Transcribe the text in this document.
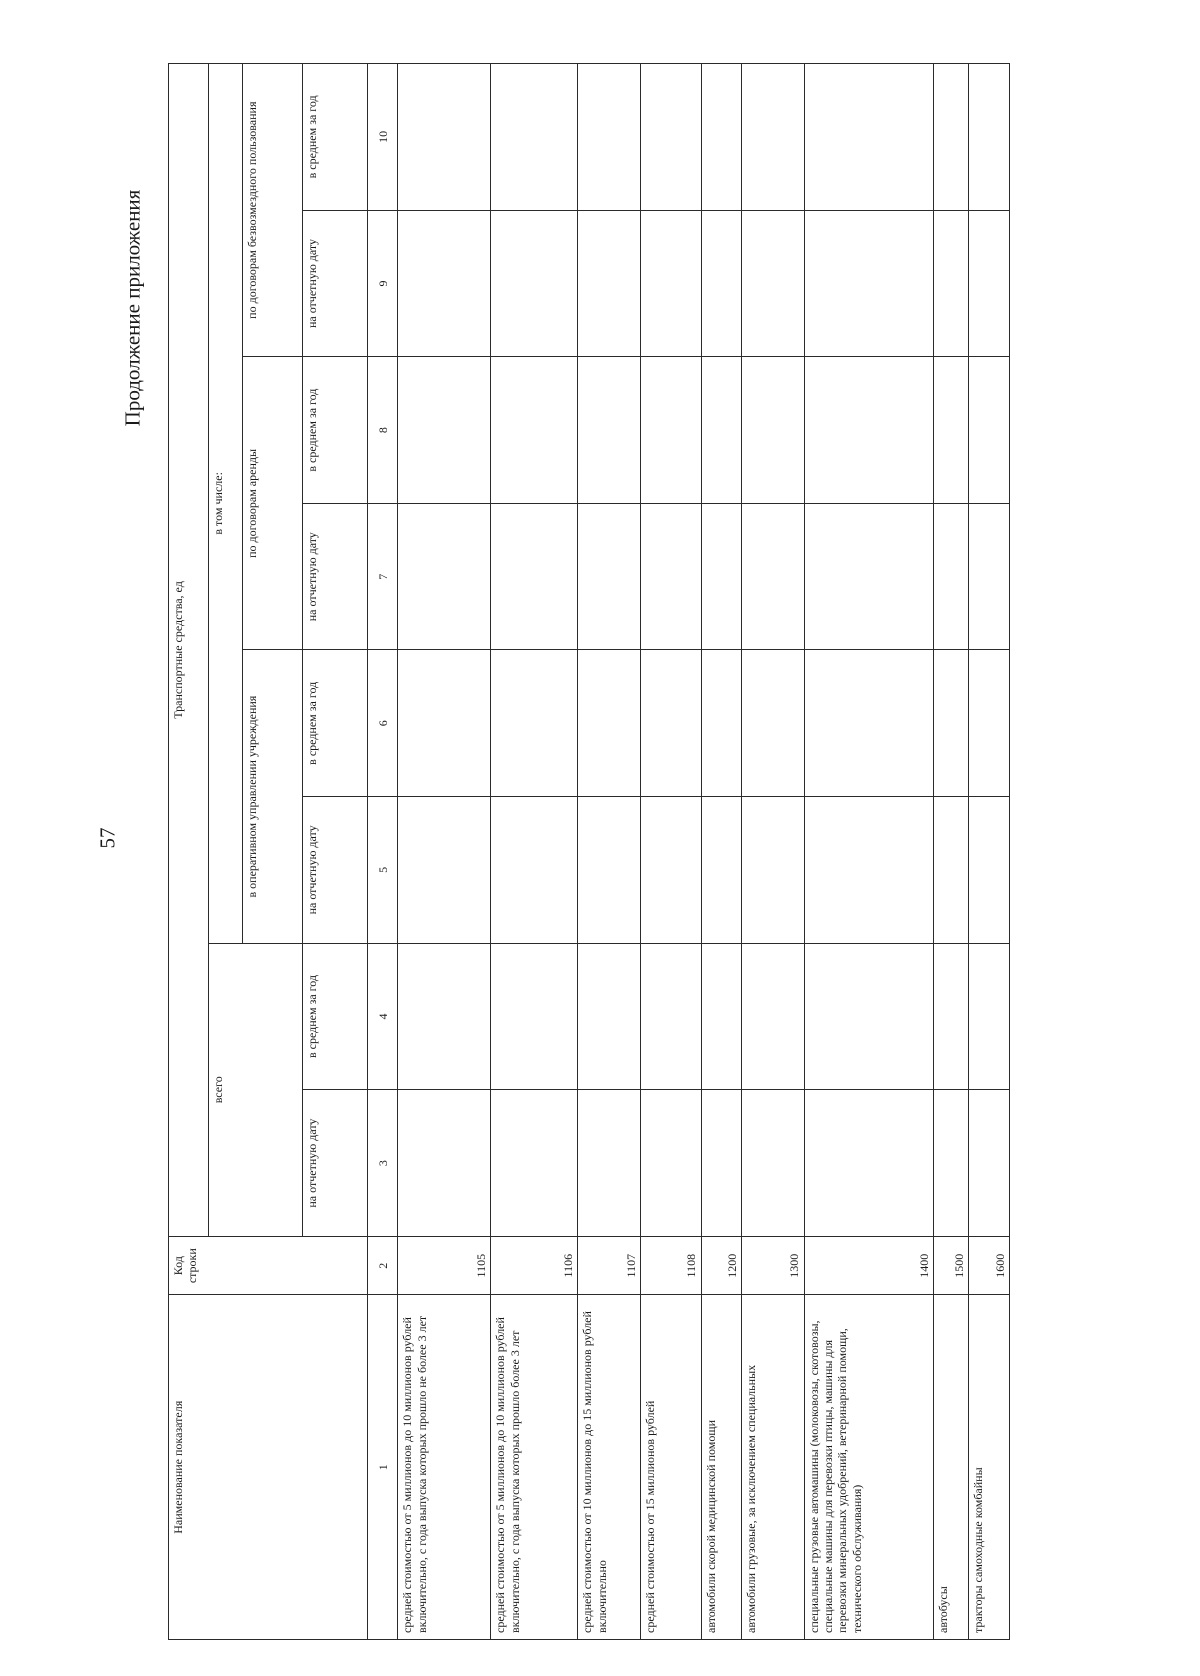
57
Продолжение приложения
Наименование показателя	Код строки	Транспортные средства, ед							
		всего		в том числе:					
				в оперативном управлении учреждения		по договорам аренды		по договорам безвозмездного пользования	
		на отчетную дату	в среднем за год	на отчетную дату	в среднем за год	на отчетную дату	в среднем за год	на отчетную дату	в среднем за год
1	2	3	4	5	6	7	8	9	10
средней стоимостью от 5 миллионов до 10 миллионов рублей включительно, с года выпуска которых прошло не более 3 лет	1105								
средней стоимостью от 5 миллионов до 10 миллионов рублей включительно, с года выпуска которых прошло более 3 лет	1106								
средней стоимостью от 10 миллионов до 15 миллионов рублей включительно	1107								
средней стоимостью от 15 миллионов рублей	1108								
автомобили скорой медицинской помощи	1200								
автомобили грузовые, за исключением специальных	1300								
специальные грузовые автомашины (молоковозы, скотовозы, специальные машины для перевозки птицы, машины для перевозки минеральных удобрений, ветеринарной помощи, технического обслуживания)	1400								
автобусы	1500								
тракторы самоходные комбайны	1600								
